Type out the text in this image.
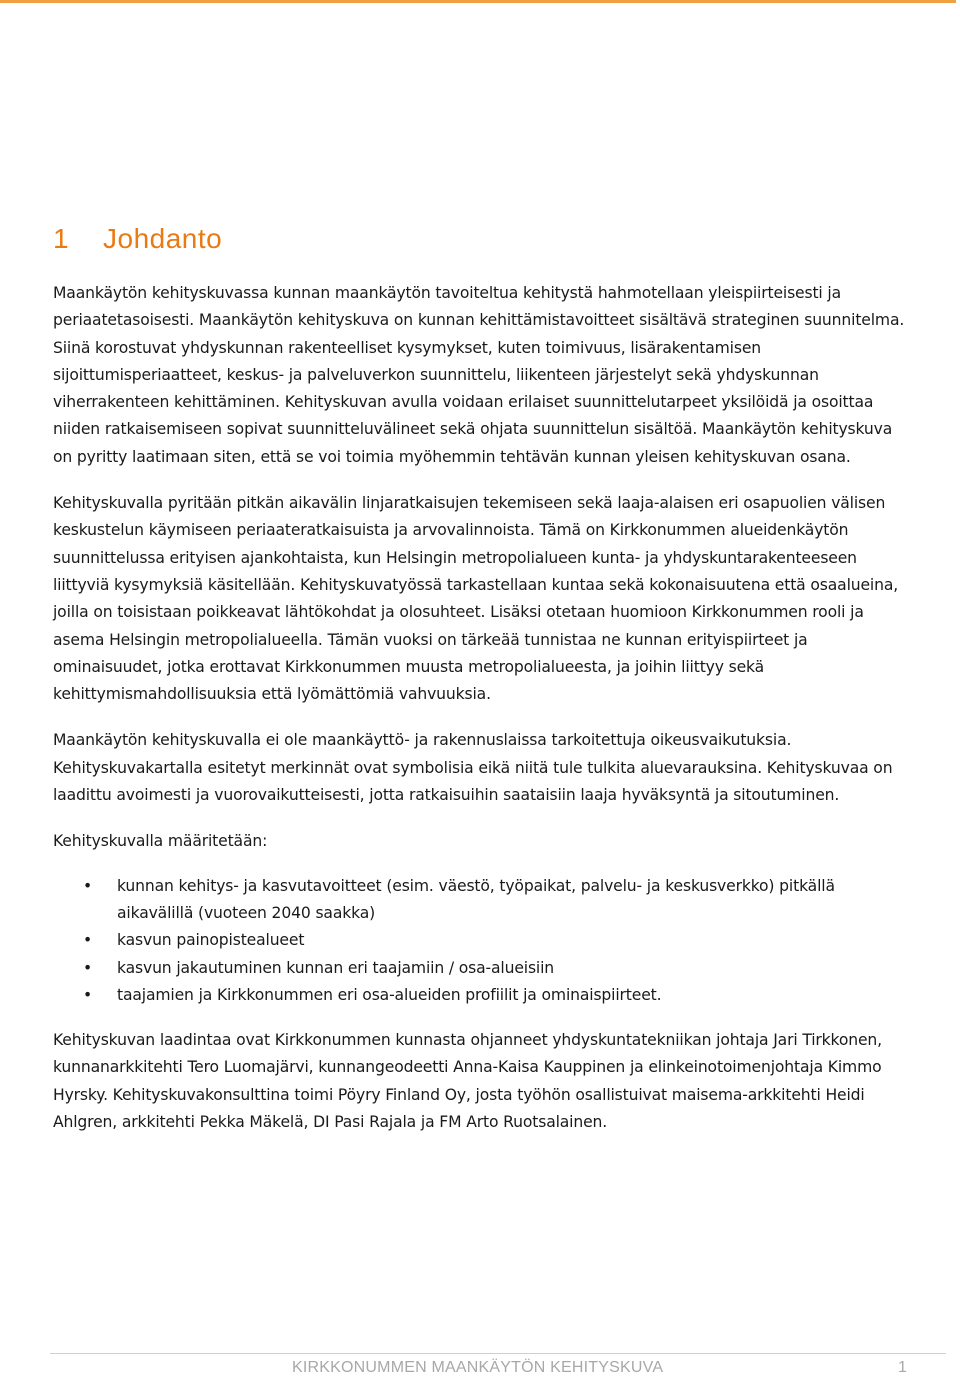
1	Johdanto

Maankäytön kehityskuvassa kunnan maankäytön tavoiteltua kehitystä hahmotellaan yleispiirteisesti ja periaatetasoisesti. Maankäytön kehityskuva on kunnan kehittämistavoitteet sisältävä strateginen suunnitelma. Siinä korostuvat yhdyskunnan rakenteelliset kysymykset, kuten toimivuus, lisärakentamisen sijoittumisperiaatteet, keskus- ja palveluverkon suunnittelu, liikenteen järjestelyt sekä yhdyskunnan viherrakenteen kehittäminen. Kehityskuvan avulla voidaan erilaiset suunnittelutarpeet yksilöidä ja osoittaa niiden ratkaisemiseen sopivat suunnitteluvälineet sekä ohjata suunnittelun sisältöä. Maankäytön kehityskuva on pyritty laatimaan siten, että se voi toimia myöhemmin tehtävän kunnan yleisen kehityskuvan osana.

Kehityskuvalla pyritään pitkän aikavälin linjaratkaisujen tekemiseen sekä laaja-alaisen eri osapuolien välisen keskustelun käymiseen periaateratkaisuista ja arvovalinnoista. Tämä on Kirkkonummen alueidenkäytön suunnittelussa erityisen ajankohtaista, kun Helsingin metropolialueen kunta- ja yhdyskuntarakenteeseen liittyviä kysymyksiä käsitellään. Kehityskuvatyössä tarkastellaan kuntaa sekä kokonaisuutena että osaalueina, joilla on toisistaan poikkeavat lähtökohdat ja olosuhteet. Lisäksi otetaan huomioon Kirkkonummen rooli ja asema Helsingin metropolialueella. Tämän vuoksi on tärkeää tunnistaa ne kunnan erityispiirteet ja ominaisuudet, jotka erottavat Kirkkonummen muusta metropolialueesta, ja joihin liittyy sekä kehittymismahdollisuuksia että lyömättömiä vahvuuksia.

Maankäytön kehityskuvalla ei ole maankäyttö- ja rakennuslaissa tarkoitettuja oikeusvaikutuksia. Kehityskuvakartalla esitetyt merkinnät ovat symbolisia eikä niitä tule tulkita aluevarauksina. Kehityskuvaa on laadittu avoimesti ja vuorovaikutteisesti, jotta ratkaisuihin saataisiin laaja hyväksyntä ja sitoutuminen.

Kehityskuvalla määritetään:

• kunnan kehitys- ja kasvutavoitteet (esim. väestö, työpaikat, palvelu- ja keskusverkko) pitkällä aikavälillä (vuoteen 2040 saakka)
• kasvun painopistealueet
• kasvun jakautuminen kunnan eri taajamiin / osa-alueisiin
• taajamien ja Kirkkonummen eri osa-alueiden profiilit ja ominaispiirteet.

Kehityskuvan laadintaa ovat Kirkkonummen kunnasta ohjanneet yhdyskuntatekniikan johtaja Jari Tirkkonen, kunnanarkkitehti Tero Luomajärvi, kunnangeodeetti Anna-Kaisa Kauppinen ja elinkeinotoimenjohtaja Kimmo Hyrsky. Kehityskuvakonsulttina toimi Pöyry Finland Oy, josta työhön osallistuivat maisema-arkkitehti Heidi Ahlgren, arkkitehti Pekka Mäkelä, DI Pasi Rajala ja FM Arto Ruotsalainen.

KIRKKONUMMEN MAANKÄYTÖN KEHITYSKUVA	1
